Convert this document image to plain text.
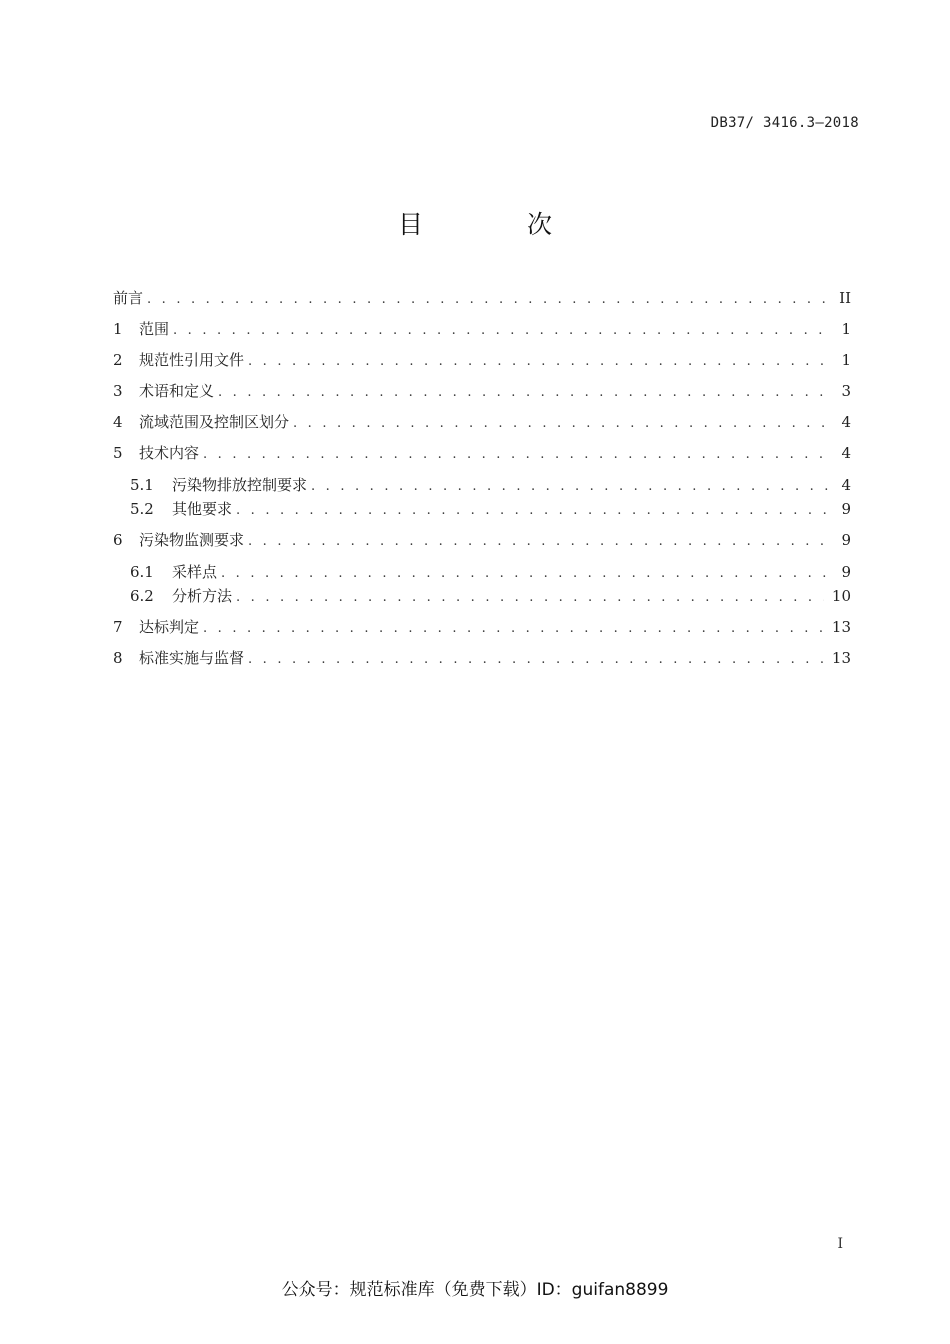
DB37/ 3416.3—2018
目 次
前言 . . .	II
1	范围 . . .	1
2	规范性引用文件 . . .	1
3	术语和定义 . . .	3
4	流域范围及控制区划分 . . .	4
5	技术内容 . . .	4
5.1	污染物排放控制要求 . . .	4
5.2	其他要求 . . .	9
6	污染物监测要求 . . .	9
6.1	采样点 . . .	9
6.2	分析方法 . . .	10
7	达标判定 . . .	13
8	标准实施与监督 . . .	13
I
公众号：规范标准库（免费下载）ID：guifan8899
